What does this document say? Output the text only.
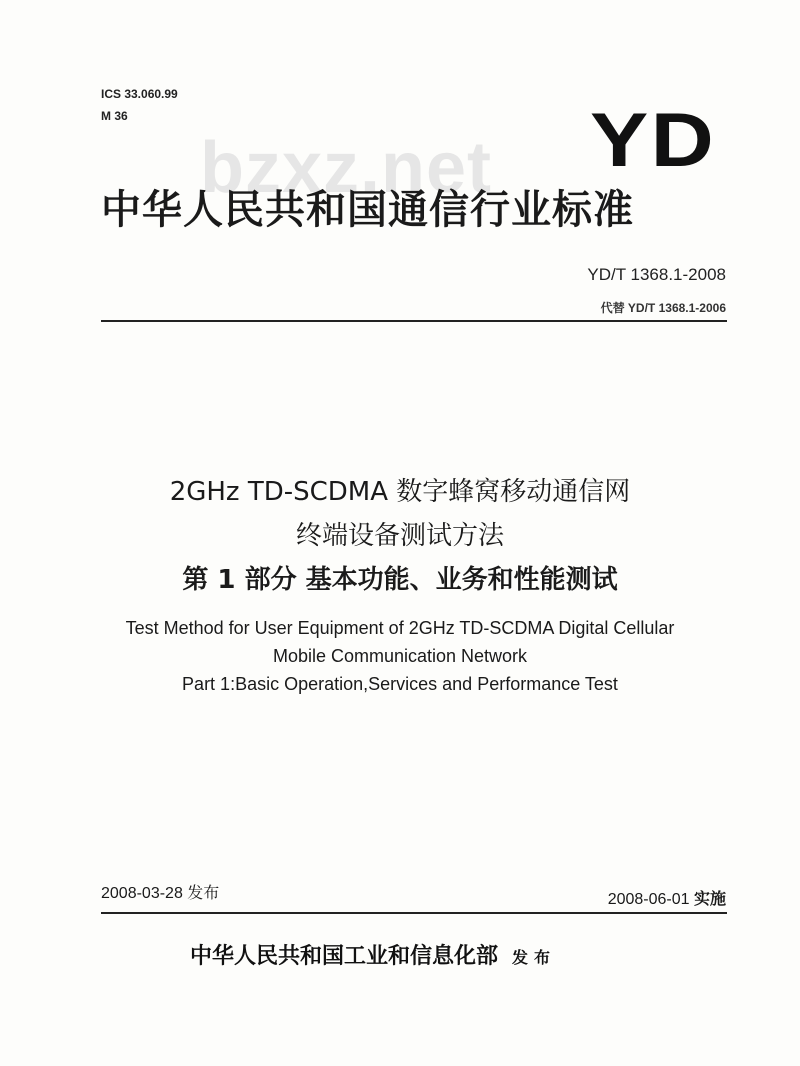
ICS 33.060.99
M 36
bzxz.net YD
中华人民共和国通信行业标准
YD/T 1368.1-2008
代替 YD/T 1368.1-2006
2GHz TD-SCDMA 数字蜂窝移动通信网
终端设备测试方法
第 1 部分 基本功能、业务和性能测试
Test Method for User Equipment of 2GHz TD-SCDMA Digital Cellular
Mobile Communication Network
Part 1:Basic Operation,Services and Performance Test
2008-03-28 发布	2008-06-01 实施
中华人民共和国工业和信息化部 发布
